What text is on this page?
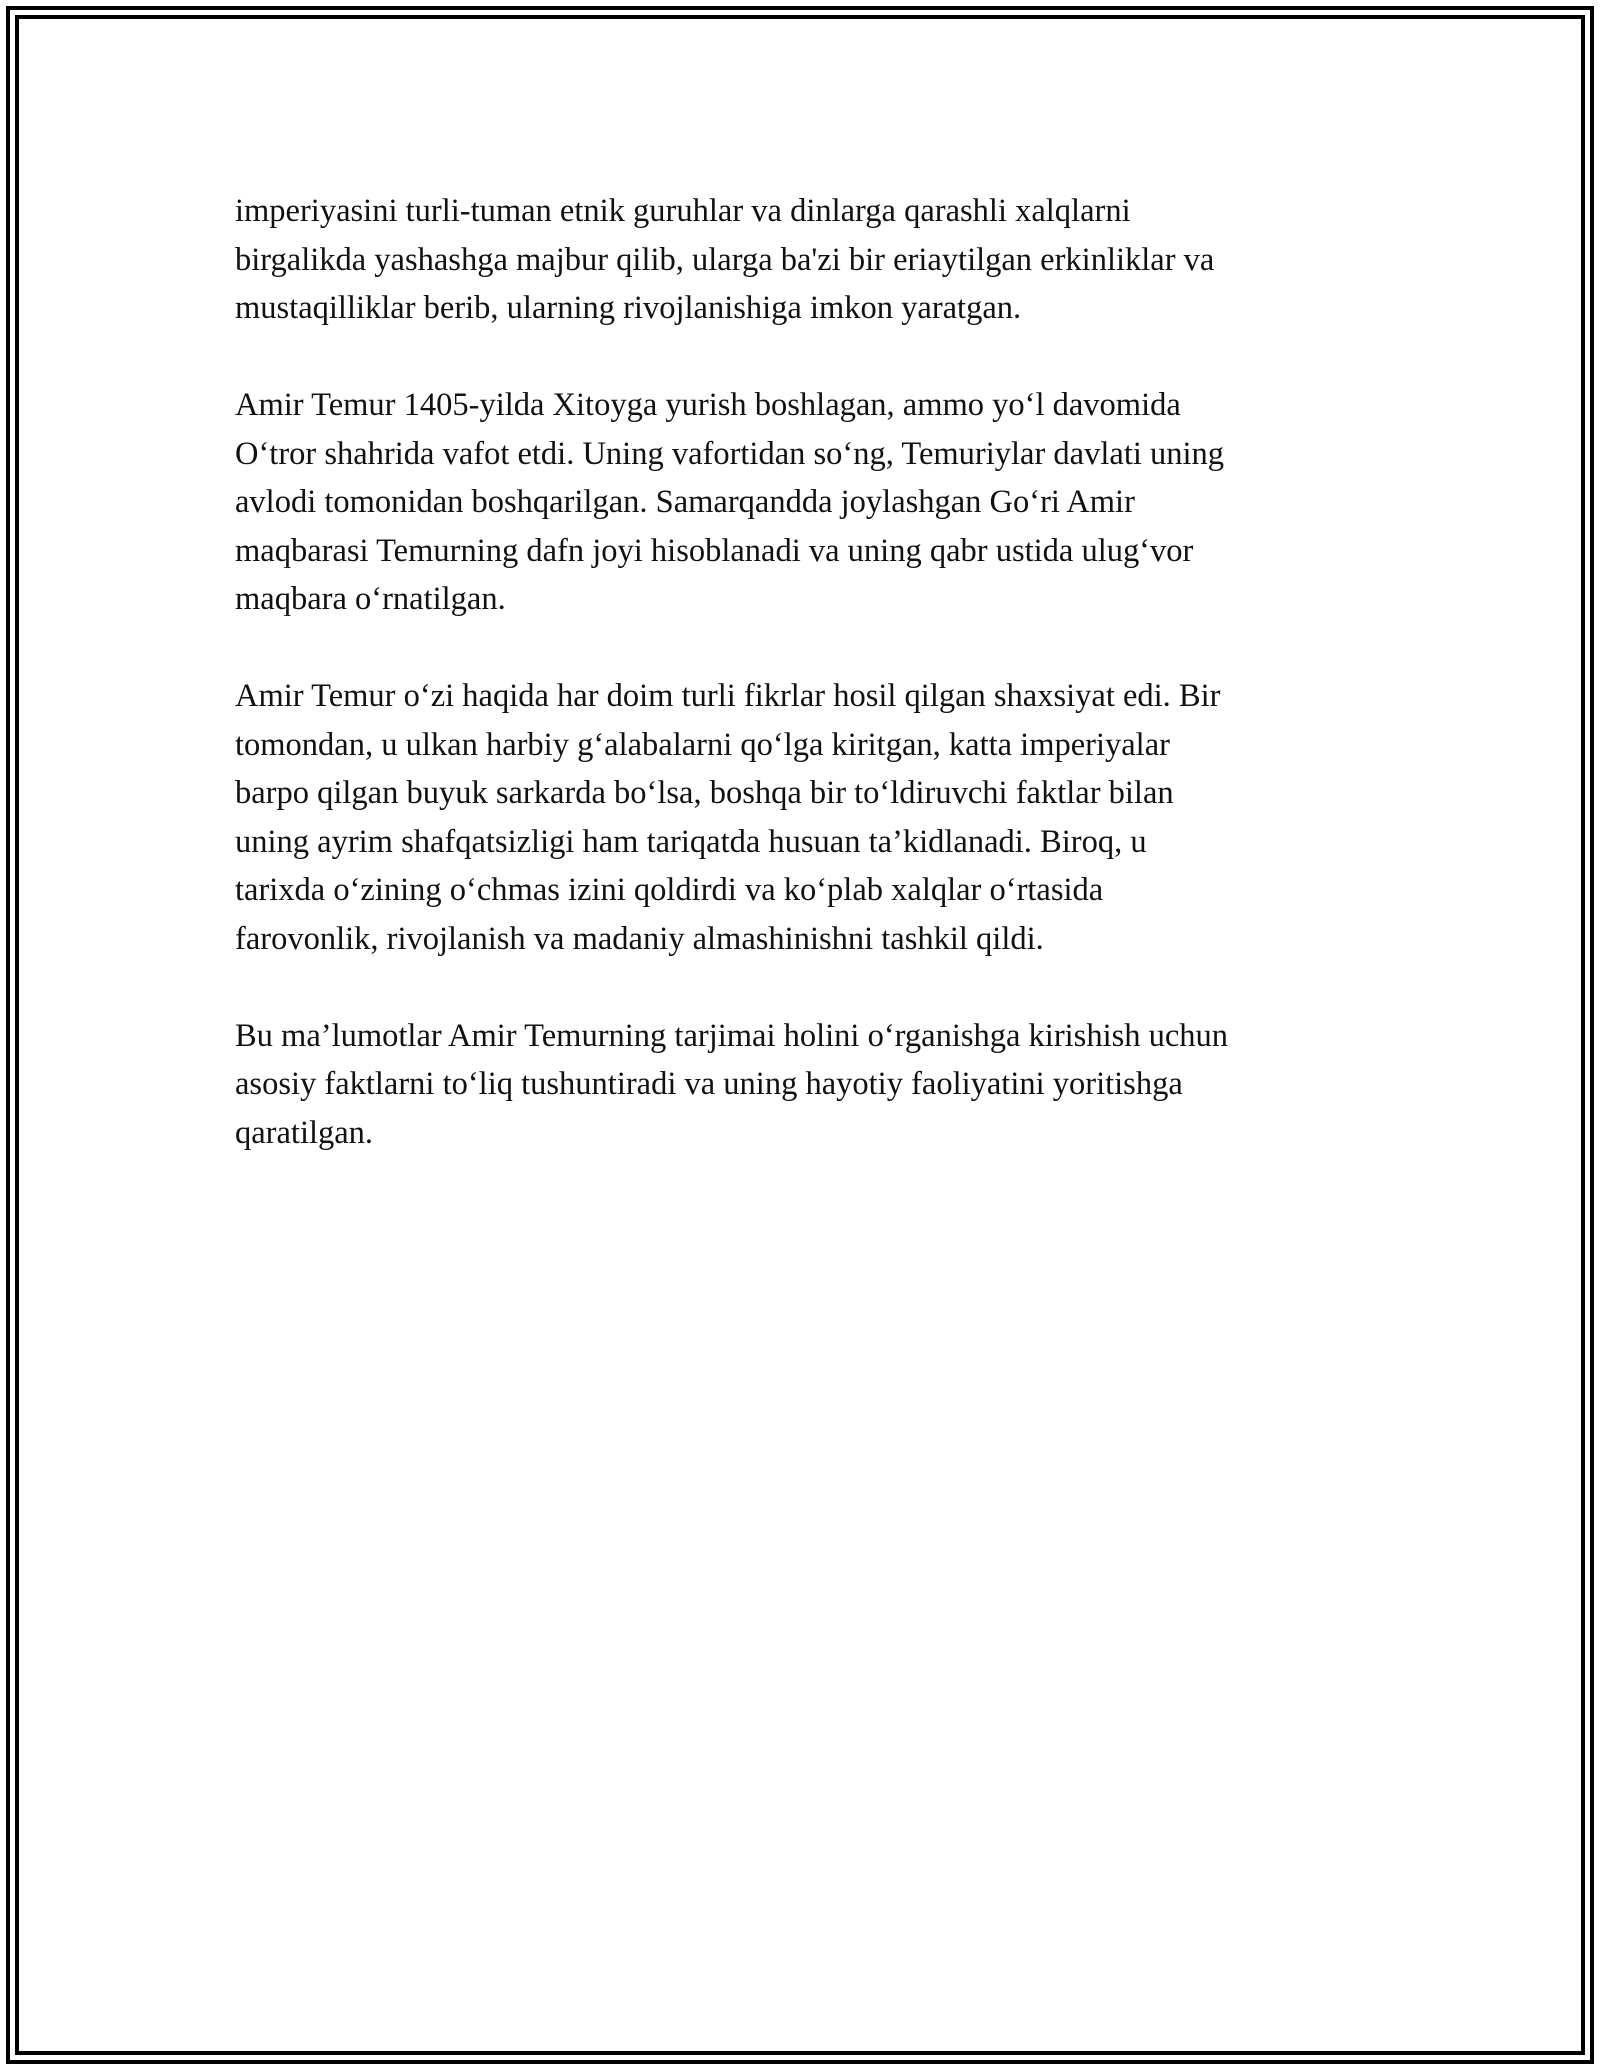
imperiyasini turli-tuman etnik guruhlar va dinlarga qarashli xalqlarni
birgalikda yashashga majbur qilib, ularga ba'zi bir eriaytilgan erkinliklar va
mustaqilliklar berib, ularning rivojlanishiga imkon yaratgan.

Amir Temur 1405-yilda Xitoyga yurish boshlagan, ammo yo‘l davomida
O‘tror shahrida vafot etdi. Uning vafortidan so‘ng, Temuriylar davlati uning
avlodi tomonidan boshqarilgan. Samarqandda joylashgan Go‘ri Amir
maqbarasi Temurning dafn joyi hisoblanadi va uning qabr ustida ulug‘vor
maqbara o‘rnatilgan.

Amir Temur o‘zi haqida har doim turli fikrlar hosil qilgan shaxsiyat edi. Bir
tomondan, u ulkan harbiy g‘alabalarni qo‘lga kiritgan, katta imperiyalar
barpo qilgan buyuk sarkarda bo‘lsa, boshqa bir to‘ldiruvchi faktlar bilan
uning ayrim shafqatsizligi ham tariqatda husuan ta’kidlanadi. Biroq, u
tarixda o‘zining o‘chmas izini qoldirdi va ko‘plab xalqlar o‘rtasida
farovonlik, rivojlanish va madaniy almashinishni tashkil qildi.

Bu ma’lumotlar Amir Temurning tarjimai holini o‘rganishga kirishish uchun
asosiy faktlarni to‘liq tushuntiradi va uning hayotiy faoliyatini yoritishga
qaratilgan.
